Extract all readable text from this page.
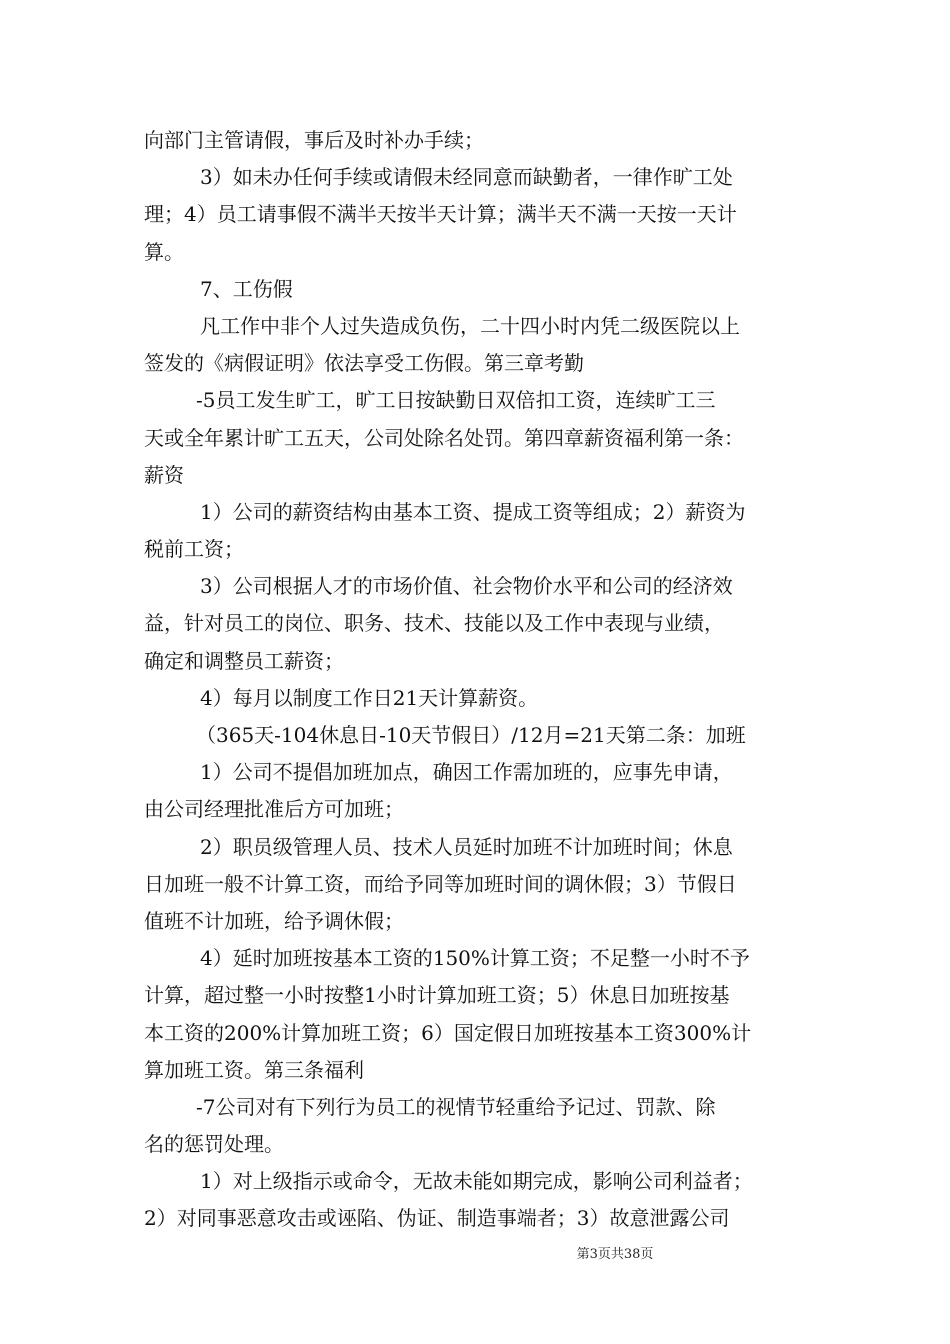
向部门主管请假，事后及时补办手续；
3）如未办任何手续或请假未经同意而缺勤者，一律作旷工处
理；4）员工请事假不满半天按半天计算；满半天不满一天按一天计
算。
7、工伤假
凡工作中非个人过失造成负伤，二十四小时内凭二级医院以上
签发的《病假证明》依法享受工伤假。第三章考勤
-5员工发生旷工，旷工日按缺勤日双倍扣工资，连续旷工三
天或全年累计旷工五天，公司处除名处罚。第四章薪资福利第一条：
薪资
1）公司的薪资结构由基本工资、提成工资等组成；2）薪资为
税前工资；
3）公司根据人才的市场价值、社会物价水平和公司的经济效
益，针对员工的岗位、职务、技术、技能以及工作中表现与业绩，
确定和调整员工薪资；
4）每月以制度工作日21天计算薪资。
（365天-104休息日-10天节假日）/12月=21天第二条：加班
1）公司不提倡加班加点，确因工作需加班的，应事先申请，
由公司经理批准后方可加班；
2）职员级管理人员、技术人员延时加班不计加班时间；休息
日加班一般不计算工资，而给予同等加班时间的调休假；3）节假日
值班不计加班，给予调休假；
4）延时加班按基本工资的150%计算工资；不足整一小时不予
计算，超过整一小时按整1小时计算加班工资；5）休息日加班按基
本工资的200%计算加班工资；6）国定假日加班按基本工资300%计
算加班工资。第三条福利
-7公司对有下列行为员工的视情节轻重给予记过、罚款、除
名的惩罚处理。
1）对上级指示或命令，无故未能如期完成，影响公司利益者；
2）对同事恶意攻击或诬陷、伪证、制造事端者；3）故意泄露公司
第3页共38页
